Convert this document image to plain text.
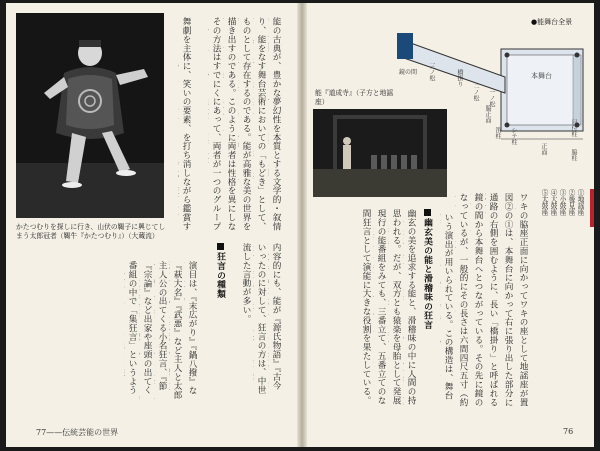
かたつむりを探しに行き、山伏の鞨子に興じてしまう太郎冠者（鞨牛『かたつむり』）（大蔵流）
能の古典が、豊かな夢幻性を本質とする文学的・叙情
り、能をなす舞台芸術においての「もどき」として、
ものとして存在するのである。能が高雅な美の世界を
描き出すのである。このように両者は性格を異にしな
その方法はすでにくにあって、両者が一つのグループ
舞劇を主体に、笑いの要素、を打ち消しながら鑑賞す
内容的にも、能が『源氏物語』『古今
いったのに対して、狂言の方は、中世
流した言動が多い。
狂言の種類
演目は、『末広がり』『鍋八撥』な
『萩大名』『武悪』など主人と太郎
主人公の出てくる小名狂言、『節
『宗論』など出家や座頭の出てく
番組の中で「集狂言」というよう
77——伝統芸能の世界
●能舞台全景
鏡の間	橋掛り
三ノ松
二ノ松 一ノ松
本舞台
目付柱
シテ柱
脇柱
笛柱
正面
脇正面
①地謡座
②後見座
③小鼓座
④大鼓座
⑤太鼓座
能『道成寺』（子方と地謡座）
ワキの脇座正面に向かってワキの座として地謡座が置
図②の①は、本舞台に向かって右に張り出した部分に
通路の右側を囲むように、長い「橋掛り」と呼ばれる
鏡の間から本舞台へとつながっている。その先に鏡の
なっているが、一般的にその長さは六間四尺五寸（約
いう演出が用いられている。この構造は、舞台
幽玄美の能と滑稽味の狂言
幽玄の美を追求する能と、滑稽味の中に人間の持
思われる。だが、双方とも猿楽を母胎として発展
現行の能番組をみても、三番立て、五番立てのな
間狂言として演能に大きな役割を果たしている。
76
